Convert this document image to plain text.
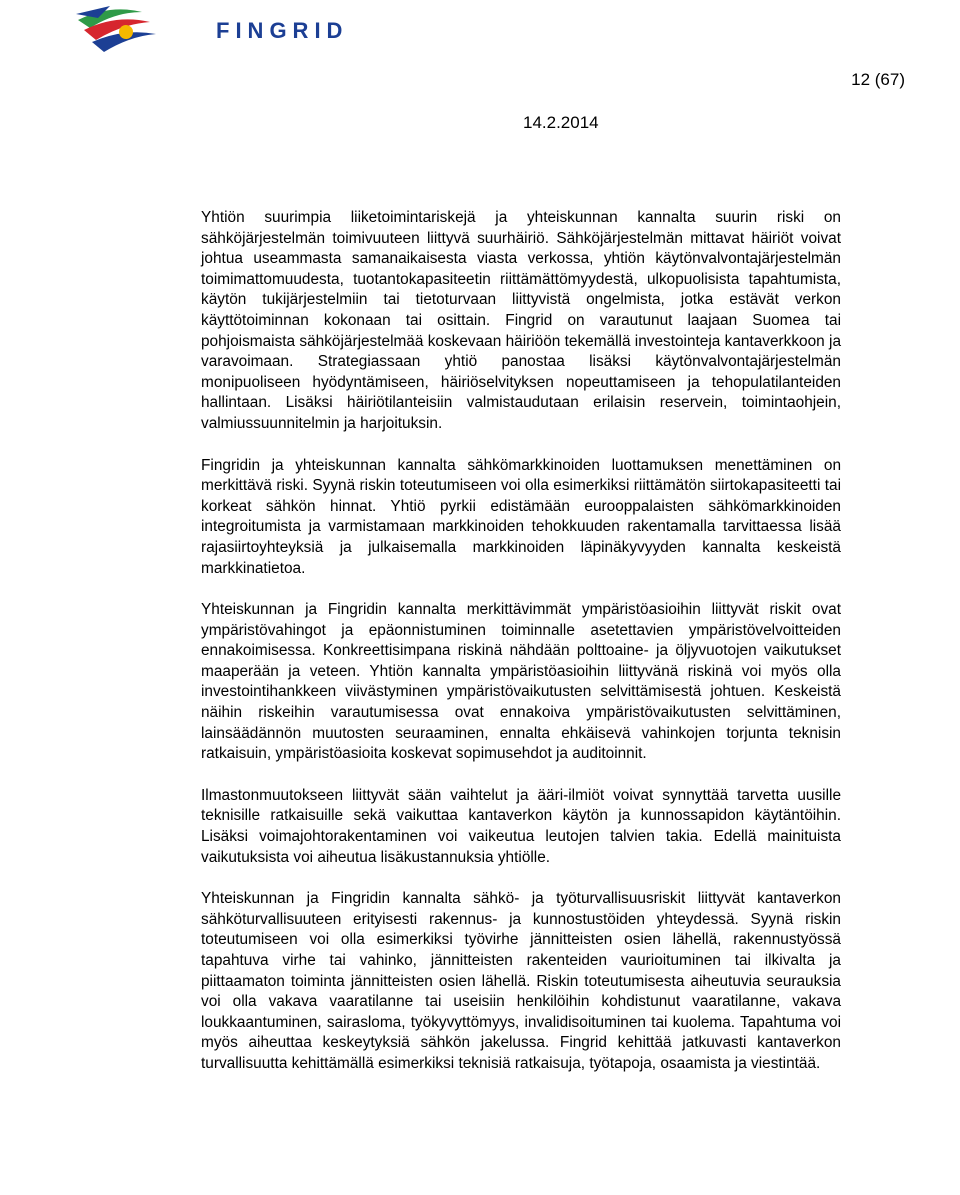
FINGRID
12 (67)
14.2.2014

Yhtiön suurimpia liiketoimintariskejä ja yhteiskunnan kannalta suurin riski on sähköjärjestelmän toimivuuteen liittyvä suurhäiriö. Sähköjärjestelmän mittavat häiriöt voivat johtua useammasta samanaikaisesta viasta verkossa, yhtiön käytönvalvontajärjestelmän toimimattomuudesta, tuotantokapasiteetin riittämättömyydestä, ulkopuolisista tapahtumista, käytön tukijärjestelmiin tai tietoturvaan liittyvistä ongelmista, jotka estävät verkon käyttötoiminnan kokonaan tai osittain. Fingrid on varautunut laajaan Suomea tai pohjoismaista sähköjärjestelmää koskevaan häiriöön tekemällä investointeja kantaverkkoon ja varavoimaan. Strategiassaan yhtiö panostaa lisäksi käytönvalvontajärjestelmän monipuoliseen hyödyntämiseen, häiriöselvityksen nopeuttamiseen ja tehopulatilanteiden hallintaan. Lisäksi häiriötilanteisiin valmistaudutaan erilaisin reservein, toimintaohjein, valmiussuunnitelmin ja harjoituksin.

Fingridin ja yhteiskunnan kannalta sähkömarkkinoiden luottamuksen menettäminen on merkittävä riski. Syynä riskin toteutumiseen voi olla esimerkiksi riittämätön siirtokapasiteetti tai korkeat sähkön hinnat. Yhtiö pyrkii edistämään eurooppalaisten sähkömarkkinoiden integroitumista ja varmistamaan markkinoiden tehokkuuden rakentamalla tarvittaessa lisää rajasiirtoyhteyksiä ja julkaisemalla markkinoiden läpinäkyvyyden kannalta keskeistä markkinatietoa.

Yhteiskunnan ja Fingridin kannalta merkittävimmät ympäristöasioihin liittyvät riskit ovat ympäristövahingot ja epäonnistuminen toiminnalle asetettavien ympäristövelvoitteiden ennakoimisessa. Konkreettisimpana riskinä nähdään polttoaine- ja öljyvuotojen vaikutukset maaperään ja veteen. Yhtiön kannalta ympäristöasioihin liittyvänä riskinä voi myös olla investointihankkeen viivästyminen ympäristövaikutusten selvittämisestä johtuen. Keskeistä näihin riskeihin varautumisessa ovat ennakoiva ympäristövaikutusten selvittäminen, lainsäädännön muutosten seuraaminen, ennalta ehkäisevä vahinkojen torjunta teknisin ratkaisuin, ympäristöasioita koskevat sopimusehdot ja auditoinnit.

Ilmastonmuutokseen liittyvät sään vaihtelut ja ääri-ilmiöt voivat synnyttää tarvetta uusille teknisille ratkaisuille sekä vaikuttaa kantaverkon käytön ja kunnossapidon käytäntöihin. Lisäksi voimajohtorakentaminen voi vaikeutua leutojen talvien takia. Edellä mainituista vaikutuksista voi aiheutua lisäkustannuksia yhtiölle.

Yhteiskunnan ja Fingridin kannalta sähkö- ja työturvallisuusriskit liittyvät kantaverkon sähköturvallisuuteen erityisesti rakennus- ja kunnostustöiden yhteydessä. Syynä riskin toteutumiseen voi olla esimerkiksi työvirhe jännitteisten osien lähellä, rakennustyössä tapahtuva virhe tai vahinko, jännitteisten rakenteiden vaurioituminen tai ilkivalta ja piittaamaton toiminta jännitteisten osien lähellä. Riskin toteutumisesta aiheutuvia seurauksia voi olla vakava vaaratilanne tai useisiin henkilöihin kohdistunut vaaratilanne, vakava loukkaantuminen, sairasloma, työkyvyttömyys, invalidisoituminen tai kuolema. Tapahtuma voi myös aiheuttaa keskeytyksiä sähkön jakelussa. Fingrid kehittää jatkuvasti kantaverkon turvallisuutta kehittämällä esimerkiksi teknisiä ratkaisuja, työtapoja, osaamista ja viestintää.
